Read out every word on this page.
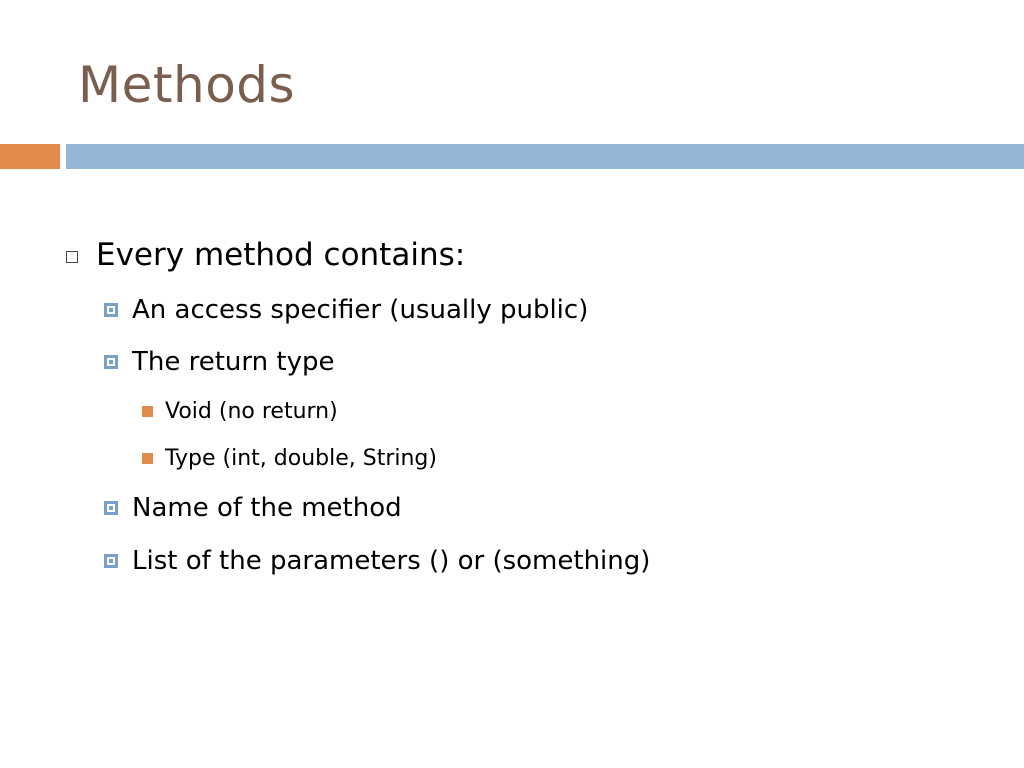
Methods
Every method contains:
An access specifier (usually public)
The return type
Void (no return)
Type (int, double, String)
Name of the method
List of the parameters () or (something)
